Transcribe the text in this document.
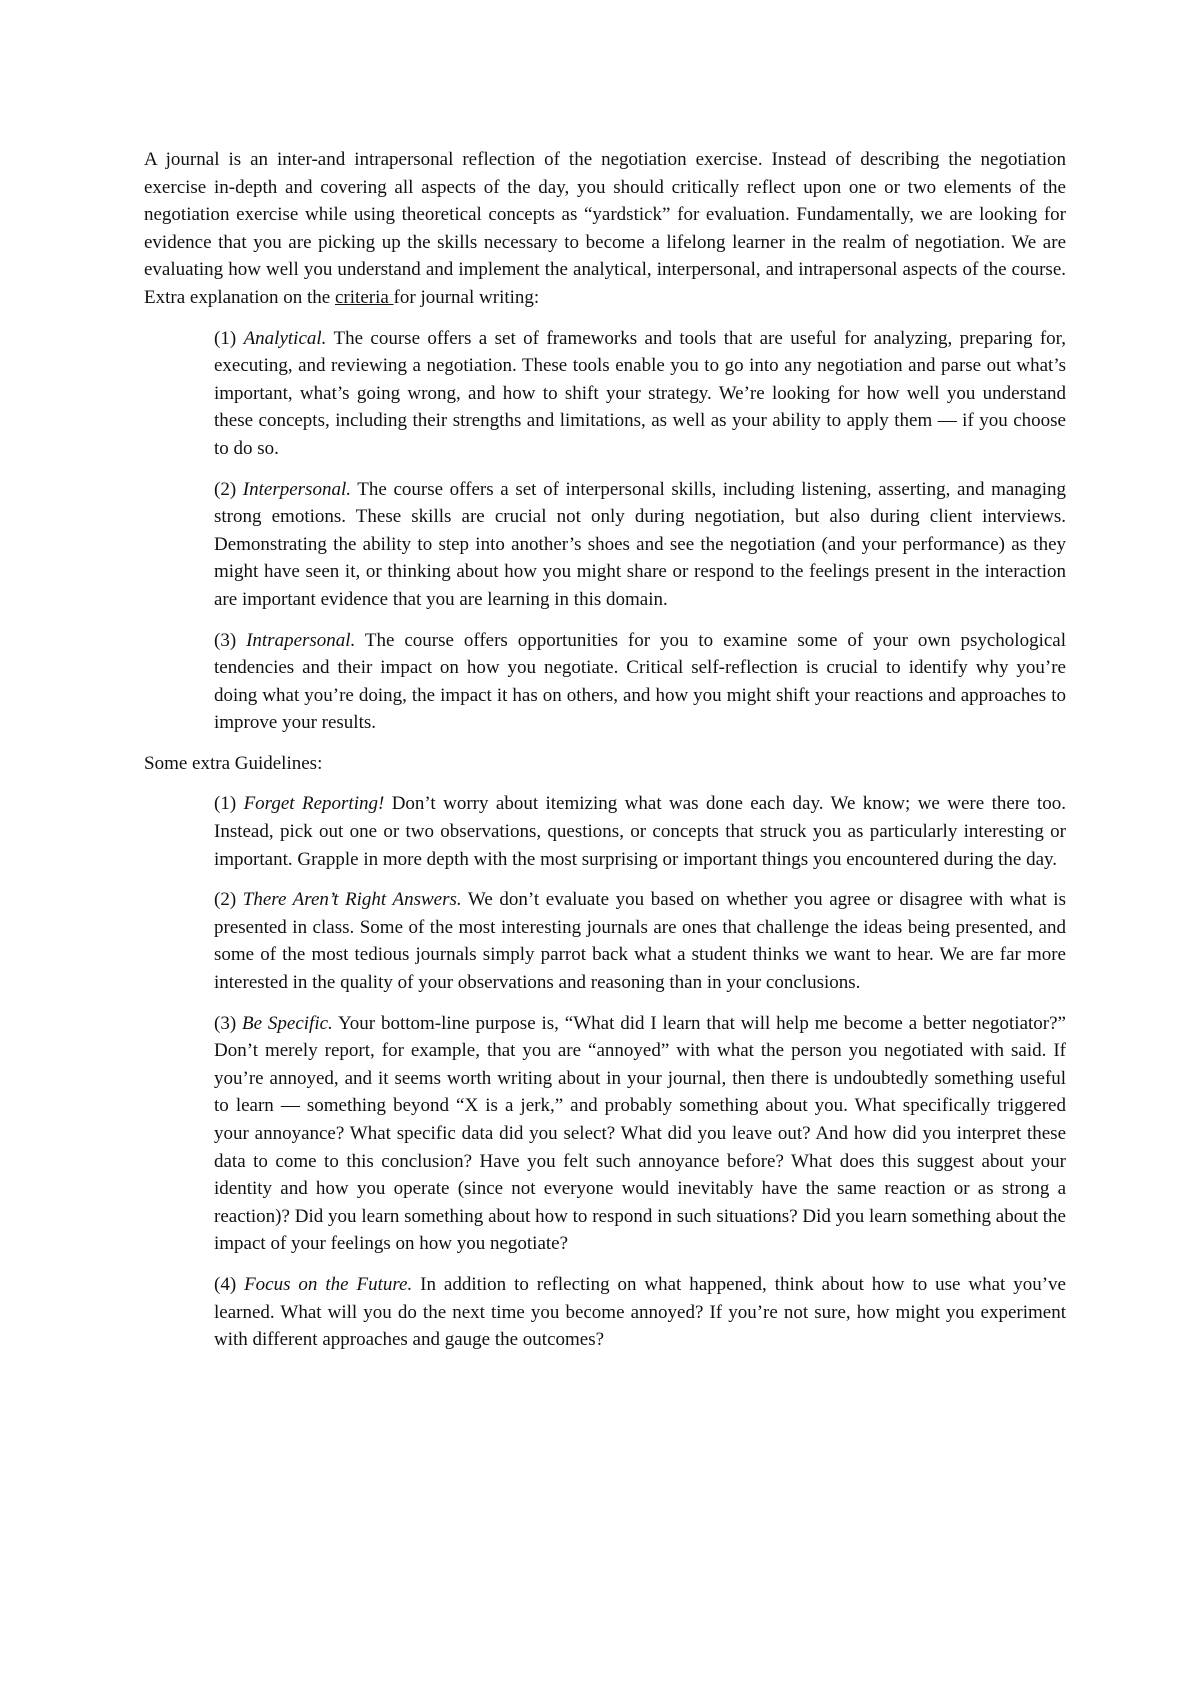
A journal is an inter-and intrapersonal reflection of the negotiation exercise. Instead of describing the negotiation exercise in-depth and covering all aspects of the day, you should critically reflect upon one or two elements of the negotiation exercise while using theoretical concepts as “yardstick” for evaluation. Fundamentally, we are looking for evidence that you are picking up the skills necessary to become a lifelong learner in the realm of negotiation. We are evaluating how well you understand and implement the analytical, interpersonal, and intrapersonal aspects of the course. Extra explanation on the criteria for journal writing:

(1) Analytical. The course offers a set of frameworks and tools that are useful for analyzing, preparing for, executing, and reviewing a negotiation. These tools enable you to go into any negotiation and parse out what’s important, what’s going wrong, and how to shift your strategy. We’re looking for how well you understand these concepts, including their strengths and limitations, as well as your ability to apply them — if you choose to do so.

(2) Interpersonal. The course offers a set of interpersonal skills, including listening, asserting, and managing strong emotions. These skills are crucial not only during negotiation, but also during client interviews. Demonstrating the ability to step into another’s shoes and see the negotiation (and your performance) as they might have seen it, or thinking about how you might share or respond to the feelings present in the interaction are important evidence that you are learning in this domain.

(3) Intrapersonal. The course offers opportunities for you to examine some of your own psychological tendencies and their impact on how you negotiate. Critical self-reflection is crucial to identify why you’re doing what you’re doing, the impact it has on others, and how you might shift your reactions and approaches to improve your results.

Some extra Guidelines:

(1) Forget Reporting! Don’t worry about itemizing what was done each day. We know; we were there too. Instead, pick out one or two observations, questions, or concepts that struck you as particularly interesting or important. Grapple in more depth with the most surprising or important things you encountered during the day.

(2) There Aren’t Right Answers. We don’t evaluate you based on whether you agree or disagree with what is presented in class. Some of the most interesting journals are ones that challenge the ideas being presented, and some of the most tedious journals simply parrot back what a student thinks we want to hear. We are far more interested in the quality of your observations and reasoning than in your conclusions.

(3) Be Specific. Your bottom-line purpose is, “What did I learn that will help me become a better negotiator?” Don’t merely report, for example, that you are “annoyed” with what the person you negotiated with said. If you’re annoyed, and it seems worth writing about in your journal, then there is undoubtedly something useful to learn — something beyond “X is a jerk,” and probably something about you. What specifically triggered your annoyance? What specific data did you select? What did you leave out? And how did you interpret these data to come to this conclusion? Have you felt such annoyance before? What does this suggest about your identity and how you operate (since not everyone would inevitably have the same reaction or as strong a reaction)? Did you learn something about how to respond in such situations? Did you learn something about the impact of your feelings on how you negotiate?

(4) Focus on the Future. In addition to reflecting on what happened, think about how to use what you’ve learned. What will you do the next time you become annoyed? If you’re not sure, how might you experiment with different approaches and gauge the outcomes?
